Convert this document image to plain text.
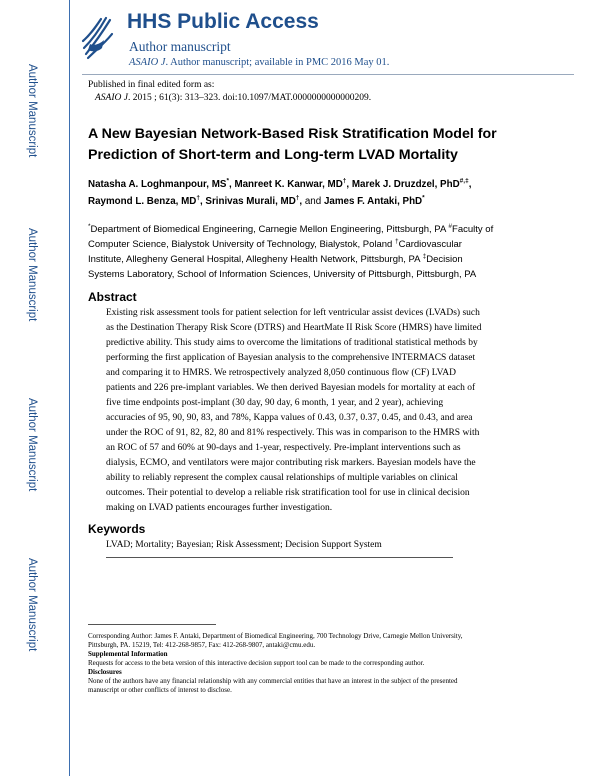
Author Manuscript
Author Manuscript
Author Manuscript
Author Manuscript
HHS Public Access
Author manuscript
ASAIO J. Author manuscript; available in PMC 2016 May 01.
Published in final edited form as:
ASAIO J. 2015 ; 61(3): 313–323. doi:10.1097/MAT.0000000000000209.
A New Bayesian Network-Based Risk Stratification Model for
Prediction of Short-term and Long-term LVAD Mortality
Natasha A. Loghmanpour, MS*, Manreet K. Kanwar, MD†, Marek J. Druzdzel, PhD#,‡,
Raymond L. Benza, MD†, Srinivas Murali, MD†, and James F. Antaki, PhD*
*Department of Biomedical Engineering, Carnegie Mellon Engineering, Pittsburgh, PA #Faculty of
Computer Science, Bialystok University of Technology, Bialystok, Poland †Cardiovascular
Institute, Allegheny General Hospital, Allegheny Health Network, Pittsburgh, PA ‡Decision
Systems Laboratory, School of Information Sciences, University of Pittsburgh, Pittsburgh, PA
Abstract
Existing risk assessment tools for patient selection for left ventricular assist devices (LVADs) such
as the Destination Therapy Risk Score (DTRS) and HeartMate II Risk Score (HMRS) have limited
predictive ability. This study aims to overcome the limitations of traditional statistical methods by
performing the first application of Bayesian analysis to the comprehensive INTERMACS dataset
and comparing it to HMRS. We retrospectively analyzed 8,050 continuous flow (CF) LVAD
patients and 226 pre-implant variables. We then derived Bayesian models for mortality at each of
five time endpoints post-implant (30 day, 90 day, 6 month, 1 year, and 2 year), achieving
accuracies of 95, 90, 90, 83, and 78%, Kappa values of 0.43, 0.37, 0.37, 0.45, and 0.43, and area
under the ROC of 91, 82, 82, 80 and 81% respectively. This was in comparison to the HMRS with
an ROC of 57 and 60% at 90-days and 1-year, respectively. Pre-implant interventions such as
dialysis, ECMO, and ventilators were major contributing risk markers. Bayesian models have the
ability to reliably represent the complex causal relationships of multiple variables on clinical
outcomes. Their potential to develop a reliable risk stratification tool for use in clinical decision
making on LVAD patients encourages further investigation.
Keywords
LVAD; Mortality; Bayesian; Risk Assessment; Decision Support System
Corresponding Author: James F. Antaki, Department of Biomedical Engineering, 700 Technology Drive, Carnegie Mellon University,
Pittsburgh, PA. 15219, Tel: 412-268-9857, Fax: 412-268-9807, antaki@cmu.edu.
Supplemental Information
Requests for access to the beta version of this interactive decision support tool can be made to the corresponding author.
Disclosures
None of the authors have any financial relationship with any commercial entities that have an interest in the subject of the presented
manuscript or other conflicts of interest to disclose.
